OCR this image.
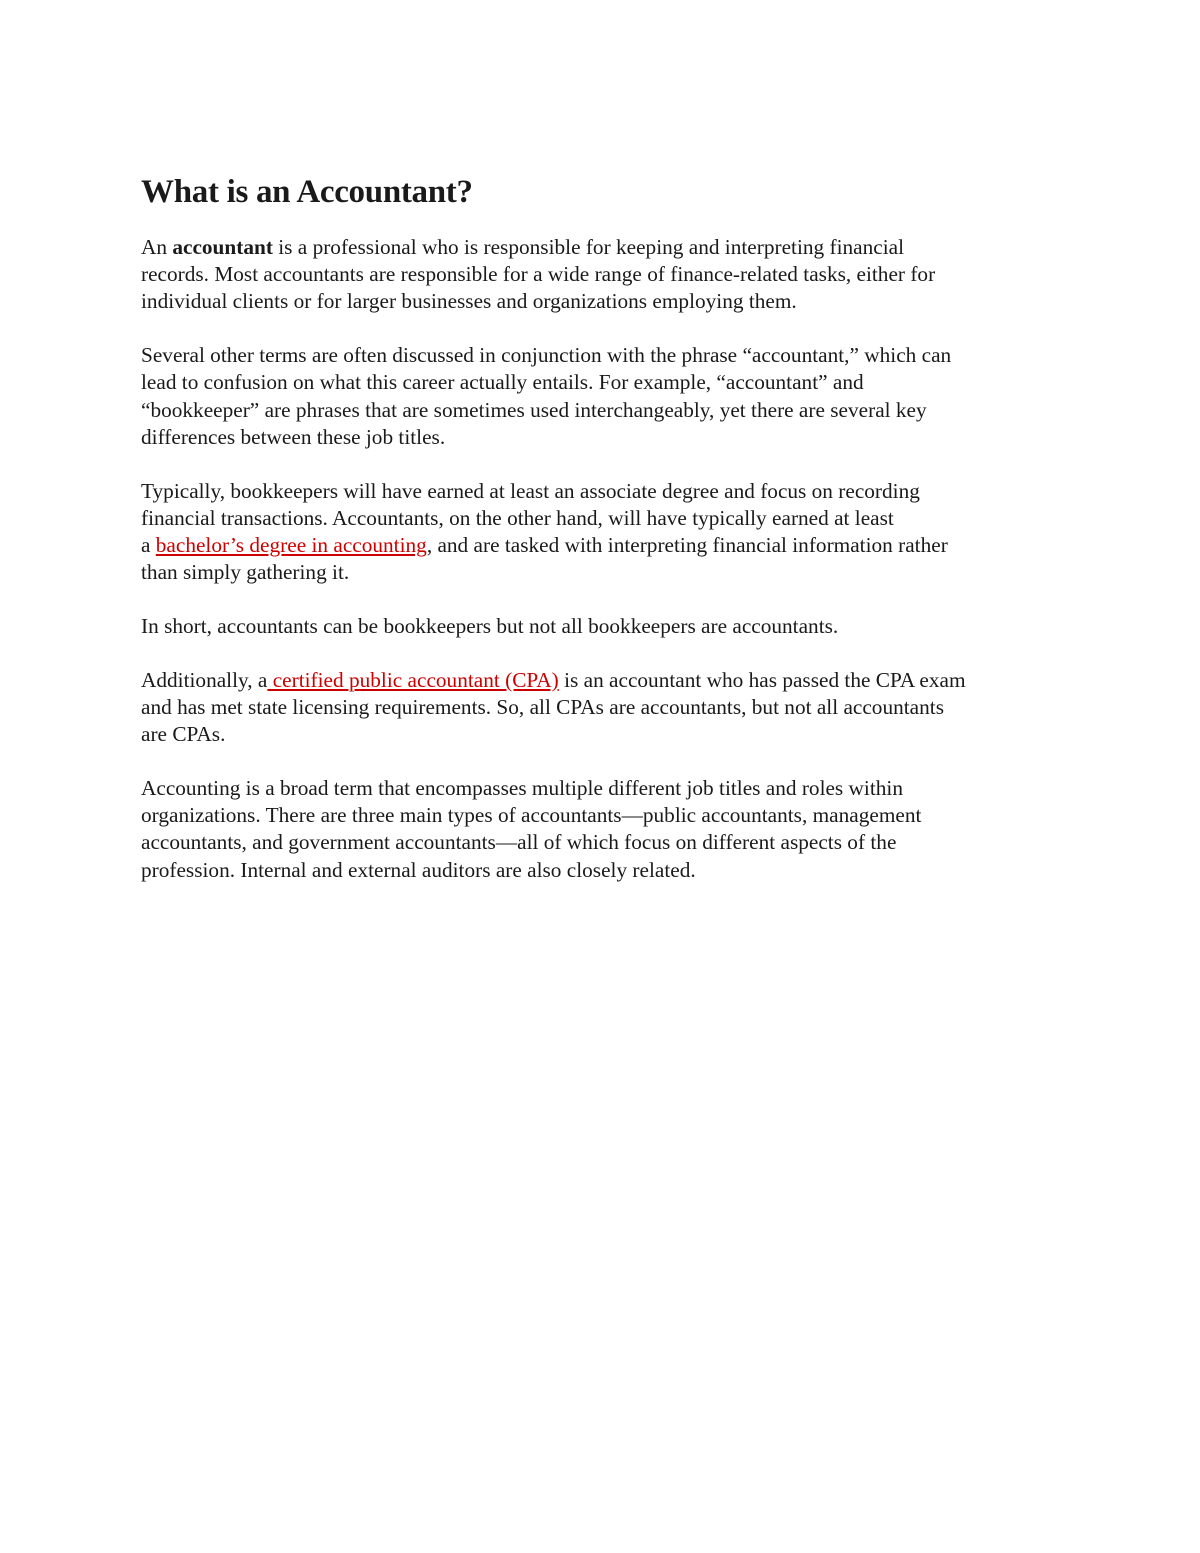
What is an Accountant?

An accountant is a professional who is responsible for keeping and interpreting financial
records. Most accountants are responsible for a wide range of finance-related tasks, either for
individual clients or for larger businesses and organizations employing them.

Several other terms are often discussed in conjunction with the phrase “accountant,” which can
lead to confusion on what this career actually entails. For example, “accountant” and
“bookkeeper” are phrases that are sometimes used interchangeably, yet there are several key
differences between these job titles.

Typically, bookkeepers will have earned at least an associate degree and focus on recording
financial transactions. Accountants, on the other hand, will have typically earned at least
a bachelor’s degree in accounting, and are tasked with interpreting financial information rather
than simply gathering it.

In short, accountants can be bookkeepers but not all bookkeepers are accountants.

Additionally, a certified public accountant (CPA) is an accountant who has passed the CPA exam
and has met state licensing requirements. So, all CPAs are accountants, but not all accountants
are CPAs.

Accounting is a broad term that encompasses multiple different job titles and roles within
organizations. There are three main types of accountants—public accountants, management
accountants, and government accountants—all of which focus on different aspects of the
profession. Internal and external auditors are also closely related.
